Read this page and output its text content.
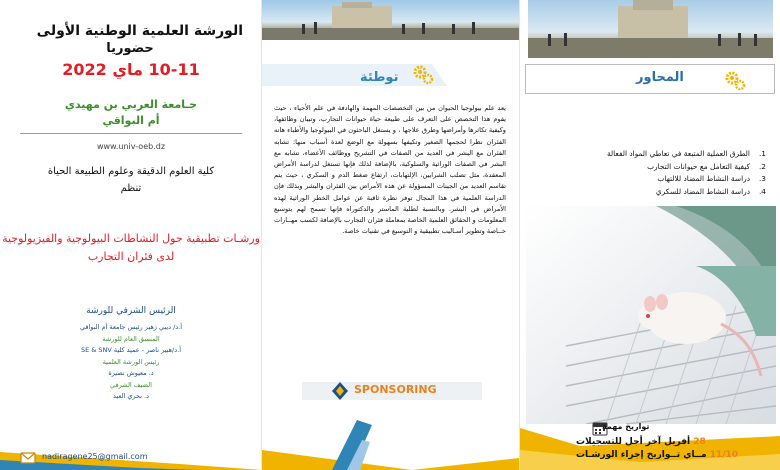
الورشة العلمية الوطنية الأولى
حضوريا
10-11 ماي 2022
جـامعة العربي بن مهيدي
أم البواقي
www.univ-oeb.dz
كلية العلوم الدقيقة وعلوم الطبيعة الحياة
تنظم
ورشـات تطبيقية حول النشاطات البيولوجية والفيزيولوجية
لدى فئران التجارب
الرئيس الشرفي للورشة
أ.د/ ديبي زهير رئيس جامعة أم البواقي
المنسق العام للورشة
أ.د/هبير ناصر - عميد كلية SE & SNV
رئيس الورشة العلمية
د. معيوش نصيرة
الضيف الشرفي
د. بحري العيد
nadiragene25@gmail.com
توطئة
يعد علم بيولوجيا الحيوان من بين التخصصات المهمة والهادفة في علم الأحياء ، حيث يقوم هذا التخصص على التعرف على طبيعة حياة حيوانات التجارب، وتبيان وظائفها، وكيفية تكاثرها وأمراضها وطرق علاجها ، و يستغل الباحثون في البيولوجيا والأطباء هاته الفئران نظرا لحجمها الصغير وتكيفها بسهولة مع الوضع لعدة أسباب منها: تشابه الفئران مع البشر في العديد من الصفات في التشريح ووظائف الأعضاء، تشابه مع البشر في الصفات الوراثية والسلوكية، بالإضافة لذلك فإنها تستغل لدراسة الأمراض المعقدة، مثل تصلب الشرايين، الإلتهابات، ارتفاع ضغط الدم و السكري ، حيث يتم تقاسم العديد من الجينات المسؤولة عن هذه الأمراض بين الفئران والبشر وبذلك فإن الدراسة العلمية في هذا المجال توفر نظرة ثاقبة عن عوامل الخطر الوراثية لهذه الأمراض في البشر. وبالنسبة لطلبة الماستر والدكتوراه فإنها تسمح لهم بتوسيع المعلومات و الحقائق العلمية الخاصة بمعاملة فئران التجارب بالإضافة لكسب مهــارات خــاصة وتطوير أسـاليب تطبيقية و التوسيع في تقنيات خاصة.
SPONSORING
المحاور
1.
الطرق العملية المتبعة في تعاطي المواد الفعالة
2.
كيفية التعامل مع حيوانات التجارب
3.
دراسة النشاط المضاد للالتهاب
4.
دراسة النشاط المضاد للسكري
تواريخ مهمة
28 أفريل آخر أجل للتسجيلات
11/10 مــاي تــواريخ إجراء الورشـات
